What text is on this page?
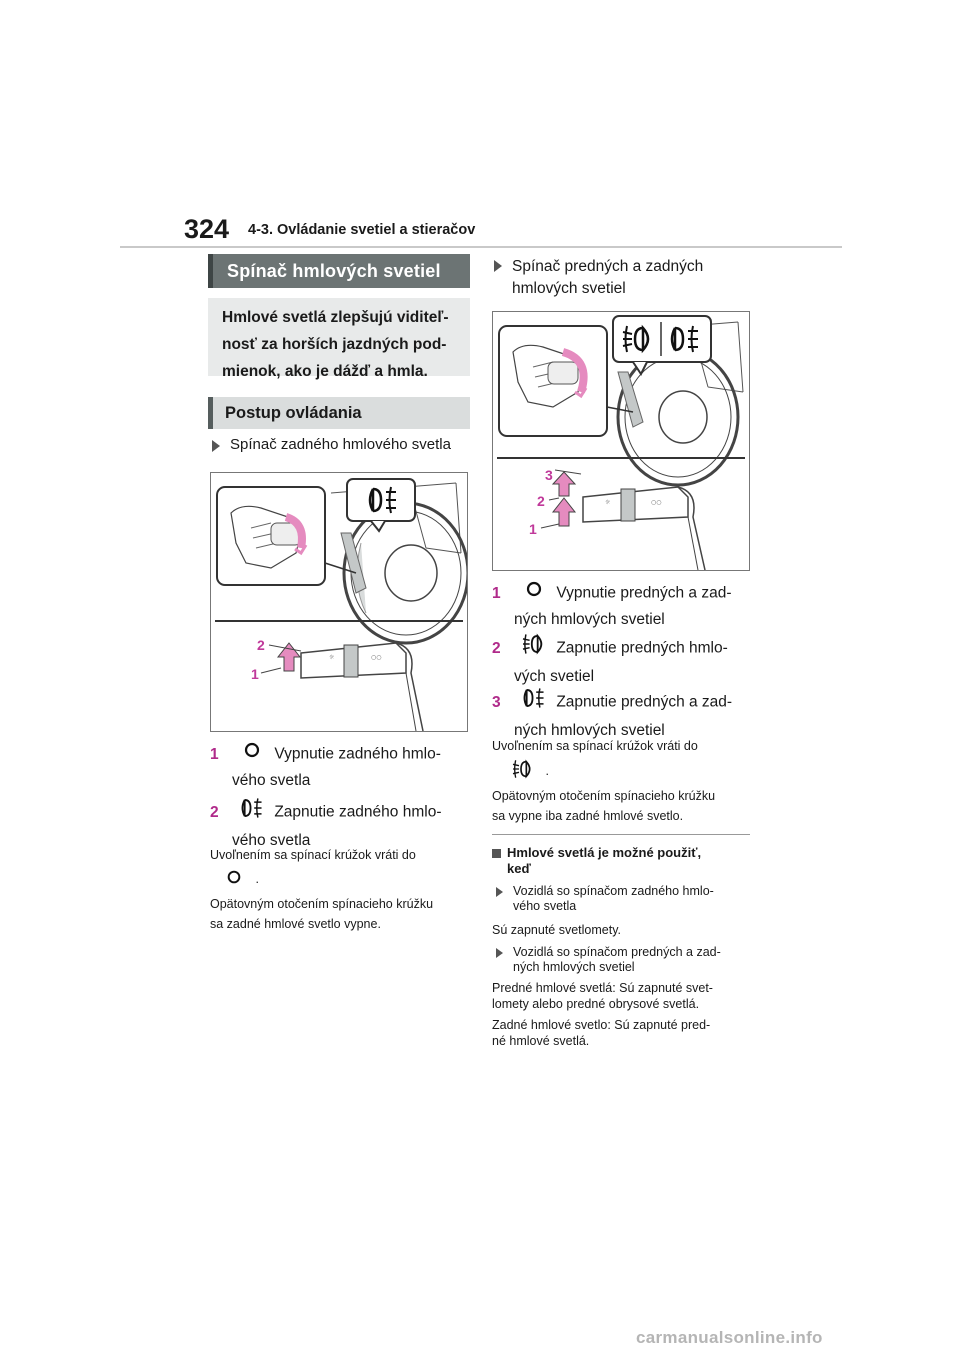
324 4-3. Ovládanie svetiel a stieračov
Spínač hmlových svetiel
Hmlové svetlá zlepšujú viditeľ-
nosť za horších jazdných pod-
mienok, ako je dážď a hmla.
Postup ovládania
Spínač zadného hmlového svetla
☼	○○
2
1
1	Vypnutie zadného hmlo-
vého svetla
2	Zapnutie zadného hmlo-
vého svetla
Uvoľnením sa spínací krúžok vráti do
.
Opätovným otočením spínacieho krúžku
sa zadné hmlové svetlo vypne.
Spínač predných a zadných
hmlových svetiel
☼	○○
3
2
1
1	Vypnutie predných a zad-
ných hmlových svetiel
2	Zapnutie predných hmlo-
vých svetiel
3	Zapnutie predných a zad-
ných hmlových svetiel
Uvoľnením sa spínací krúžok vráti do
.
Opätovným otočením spínacieho krúžku
sa vypne iba zadné hmlové svetlo.
Hmlové svetlá je možné použiť,
keď
Vozidlá so spínačom zadného hmlo-
vého svetla
Sú zapnuté svetlomety.
Vozidlá so spínačom predných a zad-
ných hmlových svetiel
Predné hmlové svetlá: Sú zapnuté svet-
lomety alebo predné obrysové svetlá.
Zadné hmlové svetlo: Sú zapnuté pred-
né hmlové svetlá.
carmanualsonline.info
